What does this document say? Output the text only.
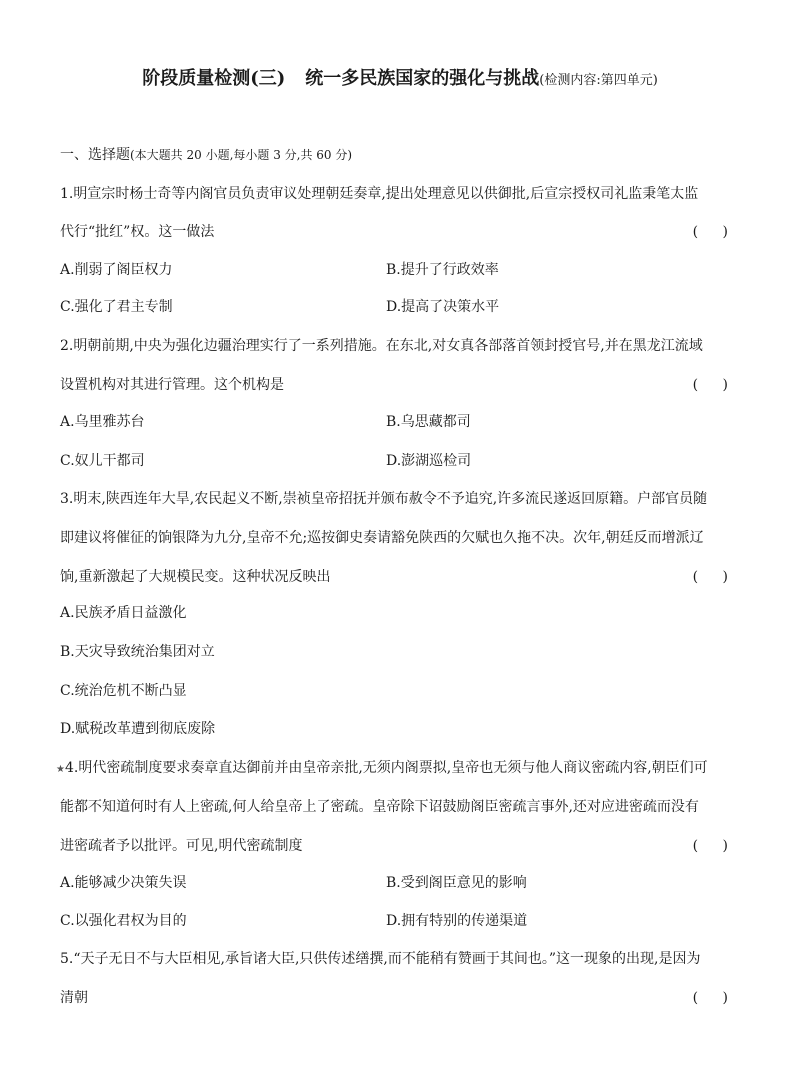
阶段质量检测(三) 统一多民族国家的强化与挑战(检测内容:第四单元)
一、选择题(本大题共 20 小题,每小题 3 分,共 60 分)
1.明宣宗时杨士奇等内阁官员负责审议处理朝廷奏章,提出处理意见以供御批,后宣宗授权司礼监秉笔太监
代行“批红”权。这一做法	( )
A.削弱了阁臣权力	B.提升了行政效率
C.强化了君主专制	D.提高了决策水平
2.明朝前期,中央为强化边疆治理实行了一系列措施。在东北,对女真各部落首领封授官号,并在黑龙江流域
设置机构对其进行管理。这个机构是	( )
A.乌里雅苏台	B.乌思藏都司
C.奴儿干都司	D.澎湖巡检司
3.明末,陕西连年大旱,农民起义不断,崇祯皇帝招抚并颁布赦令不予追究,许多流民遂返回原籍。户部官员随
即建议将催征的饷银降为九分,皇帝不允;巡按御史奏请豁免陕西的欠赋也久拖不决。次年,朝廷反而增派辽
饷,重新激起了大规模民变。这种状况反映出	( )
A.民族矛盾日益激化
B.天灾导致统治集团对立
C.统治危机不断凸显
D.赋税改革遭到彻底废除
★4.明代密疏制度要求奏章直达御前并由皇帝亲批,无须内阁票拟,皇帝也无须与他人商议密疏内容,朝臣们可
能都不知道何时有人上密疏,何人给皇帝上了密疏。皇帝除下诏鼓励阁臣密疏言事外,还对应进密疏而没有
进密疏者予以批评。可见,明代密疏制度	( )
A.能够减少决策失误	B.受到阁臣意见的影响
C.以强化君权为目的	D.拥有特别的传递渠道
5.“天子无日不与大臣相见,承旨诸大臣,只供传述缮撰,而不能稍有赞画于其间也。”这一现象的出现,是因为
清朝	( )
